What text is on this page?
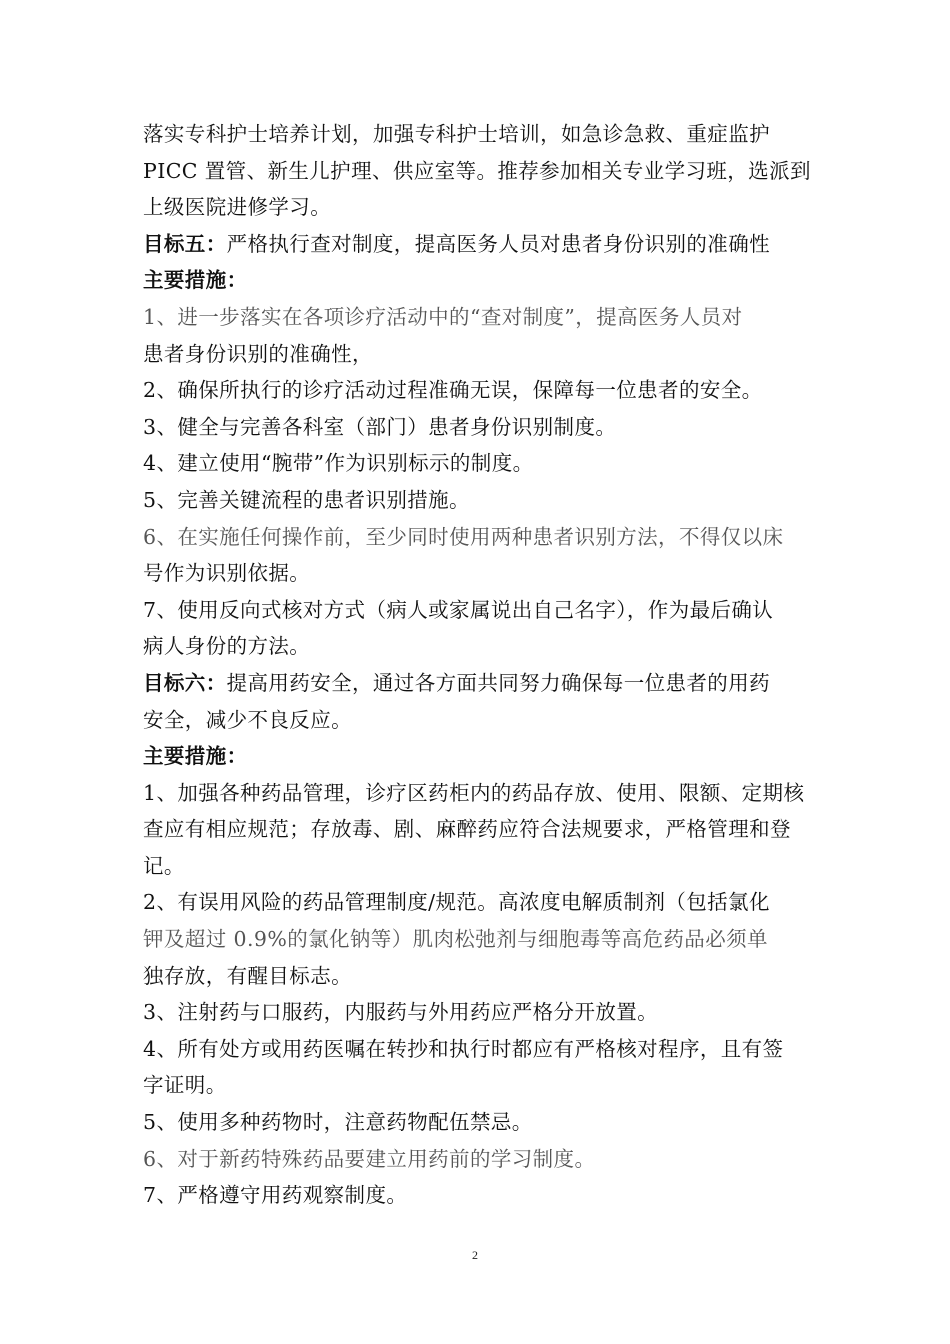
落实专科护士培养计划，加强专科护士培训，如急诊急救、重症监护
PICC 置管、新生儿护理、供应室等。推荐参加相关专业学习班，选派到
上级医院进修学习。
目标五：严格执行查对制度，提高医务人员对患者身份识别的准确性
主要措施：
1、进一步落实在各项诊疗活动中的“查对制度”，提高医务人员对
患者身份识别的准确性，
2、确保所执行的诊疗活动过程准确无误，保障每一位患者的安全。
3、健全与完善各科室（部门）患者身份识别制度。
4、建立使用“腕带”作为识别标示的制度。
5、完善关键流程的患者识别措施。
6、在实施任何操作前，至少同时使用两种患者识别方法，不得仅以床
号作为识别依据。
7、使用反向式核对方式（病人或家属说出自己名字），作为最后确认
病人身份的方法。
目标六：提高用药安全，通过各方面共同努力确保每一位患者的用药
安全，减少不良反应。
主要措施：
1、加强各种药品管理，诊疗区药柜内的药品存放、使用、限额、定期核
查应有相应规范；存放毒、剧、麻醉药应符合法规要求，严格管理和登
记。
2、有误用风险的药品管理制度/规范。高浓度电解质制剂（包括氯化
钾及超过 0.9%的氯化钠等）肌肉松弛剂与细胞毒等高危药品必须单
独存放，有醒目标志。
3、注射药与口服药，内服药与外用药应严格分开放置。
4、所有处方或用药医嘱在转抄和执行时都应有严格核对程序，且有签
字证明。
5、使用多种药物时，注意药物配伍禁忌。
6、对于新药特殊药品要建立用药前的学习制度。
7、严格遵守用药观察制度。
2
